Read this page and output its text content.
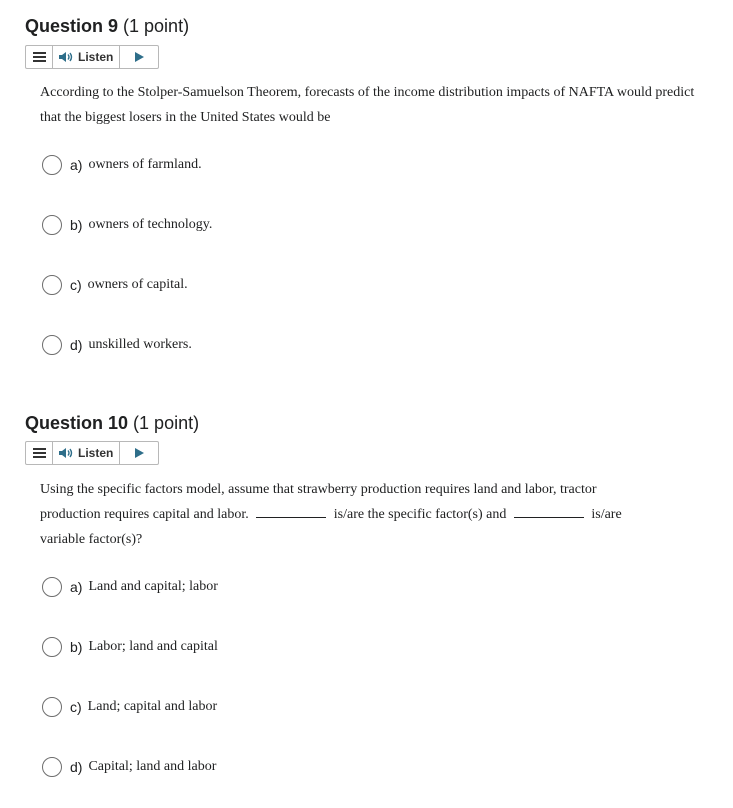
Question 9 (1 point)
Listen

According to the Stolper-Samuelson Theorem, forecasts of the income distribution impacts of NAFTA would predict that the biggest losers in the United States would be

a) owners of farmland.
b) owners of technology.
c) owners of capital.
d) unskilled workers.
Question 10 (1 point)
Listen

Using the specific factors model, assume that strawberry production requires land and labor, tractor production requires capital and labor.	is/are the specific factor(s) and	is/are variable factor(s)?

a) Land and capital; labor
b) Labor; land and capital
c) Land; capital and labor
d) Capital; land and labor
